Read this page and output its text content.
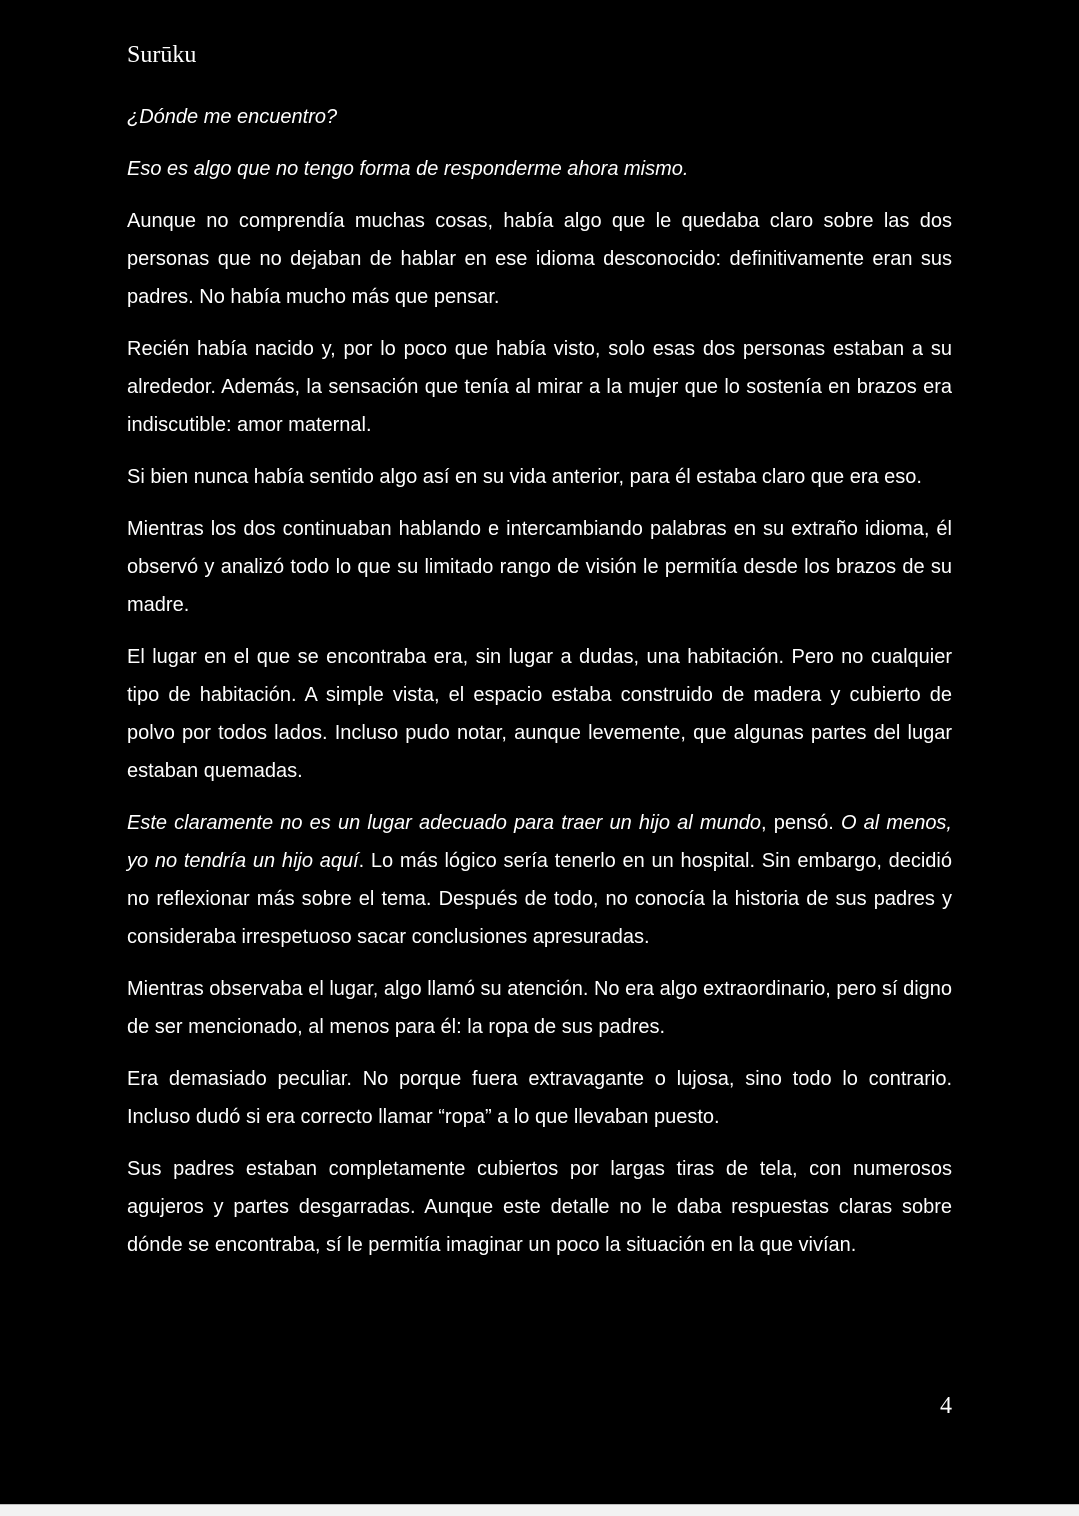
Surūku

¿Dónde me encuentro?

Eso es algo que no tengo forma de responderme ahora mismo.

Aunque no comprendía muchas cosas, había algo que le quedaba claro sobre las dos personas que no dejaban de hablar en ese idioma desconocido: definitivamente eran sus padres. No había mucho más que pensar.

Recién había nacido y, por lo poco que había visto, solo esas dos personas estaban a su alrededor. Además, la sensación que tenía al mirar a la mujer que lo sostenía en brazos era indiscutible: amor maternal.

Si bien nunca había sentido algo así en su vida anterior, para él estaba claro que era eso.

Mientras los dos continuaban hablando e intercambiando palabras en su extraño idioma, él observó y analizó todo lo que su limitado rango de visión le permitía desde los brazos de su madre.

El lugar en el que se encontraba era, sin lugar a dudas, una habitación. Pero no cualquier tipo de habitación. A simple vista, el espacio estaba construido de madera y cubierto de polvo por todos lados. Incluso pudo notar, aunque levemente, que algunas partes del lugar estaban quemadas.

Este claramente no es un lugar adecuado para traer un hijo al mundo, pensó. O al menos, yo no tendría un hijo aquí. Lo más lógico sería tenerlo en un hospital. Sin embargo, decidió no reflexionar más sobre el tema. Después de todo, no conocía la historia de sus padres y consideraba irrespetuoso sacar conclusiones apresuradas.

Mientras observaba el lugar, algo llamó su atención. No era algo extraordinario, pero sí digno de ser mencionado, al menos para él: la ropa de sus padres.

Era demasiado peculiar. No porque fuera extravagante o lujosa, sino todo lo contrario. Incluso dudó si era correcto llamar “ropa” a lo que llevaban puesto.

Sus padres estaban completamente cubiertos por largas tiras de tela, con numerosos agujeros y partes desgarradas. Aunque este detalle no le daba respuestas claras sobre dónde se encontraba, sí le permitía imaginar un poco la situación en la que vivían.

4
